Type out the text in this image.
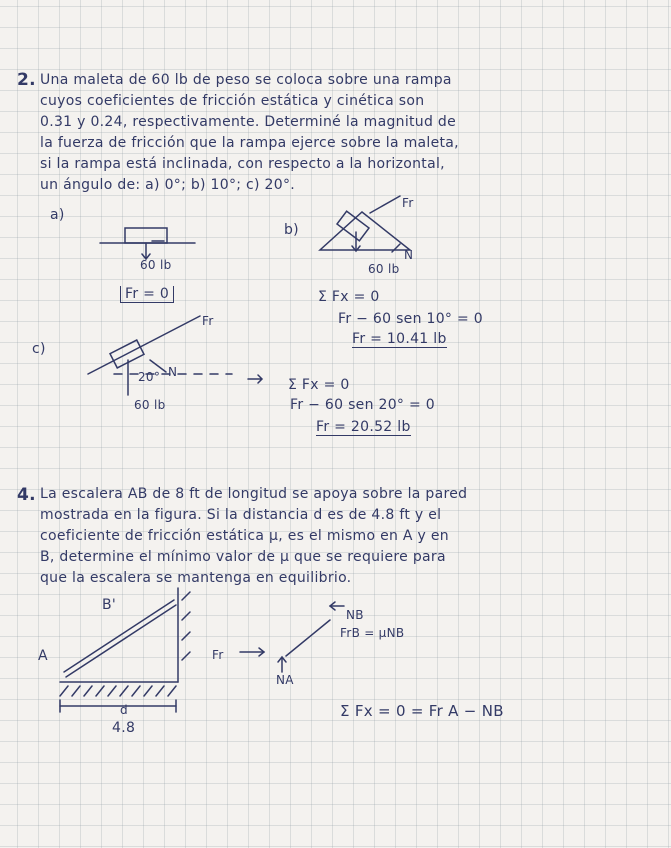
2. Una maleta de 60 lb de peso se coloca sobre una rampa
cuyos coeficientes de fricción estática y cinética son
0.31 y 0.24, respectivamente. Determiné la magnitud de
la fuerza de fricción que la rampa ejerce sobre la maleta,
si la rampa está inclinada, con respecto a la horizontal,
un ángulo de: a) 0°; b) 10°; c) 20°.
a)
60 lb
Fr = 0
b)
Fr
N
60 lb
Σ Fx = 0
Fr − 60 sen 10° = 0
Fr = 10.41 lb
c)
Fr
N
20°
60 lb
Σ Fx = 0
Fr − 60 sen 20° = 0
Fr = 20.52 lb
4. La escalera AB de 8 ft de longitud se apoya sobre la pared
mostrada en la figura. Si la distancia d es de 4.8 ft y el
coeficiente de fricción estática μ, es el mismo en A y en
B, determine el mínimo valor de μ que se requiere para
que la escalera se mantenga en equilibrio.
B'
A
d
4.8
NB
FrB = μNB
Fr
NA
Σ Fx = 0 = Fr A − NB
